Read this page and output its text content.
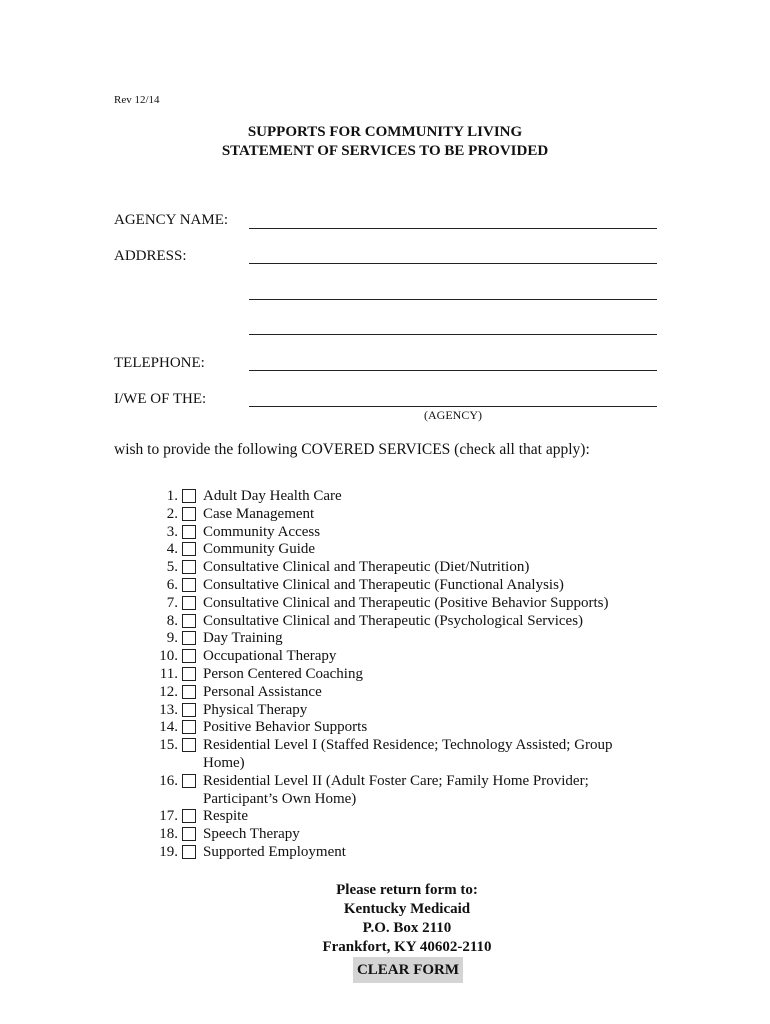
Rev 12/14
SUPPORTS FOR COMMUNITY LIVING
STATEMENT OF SERVICES TO BE PROVIDED
AGENCY NAME:
ADDRESS:
TELEPHONE:
I/WE OF THE:
(AGENCY)
wish to provide the following COVERED SERVICES (check all that apply):
1. Adult Day Health Care
2. Case Management
3. Community Access
4. Community Guide
5. Consultative Clinical and Therapeutic (Diet/Nutrition)
6. Consultative Clinical and Therapeutic (Functional Analysis)
7. Consultative Clinical and Therapeutic (Positive Behavior Supports)
8. Consultative Clinical and Therapeutic (Psychological Services)
9. Day Training
10. Occupational Therapy
11. Person Centered Coaching
12. Personal Assistance
13. Physical Therapy
14. Positive Behavior Supports
15. Residential Level I (Staffed Residence; Technology Assisted; Group
Home)
16. Residential Level II (Adult Foster Care; Family Home Provider;
Participant’s Own Home)
17. Respite
18. Speech Therapy
19. Supported Employment
Please return form to:
Kentucky Medicaid
P.O. Box 2110
Frankfort, KY 40602-2110
CLEAR FORM
